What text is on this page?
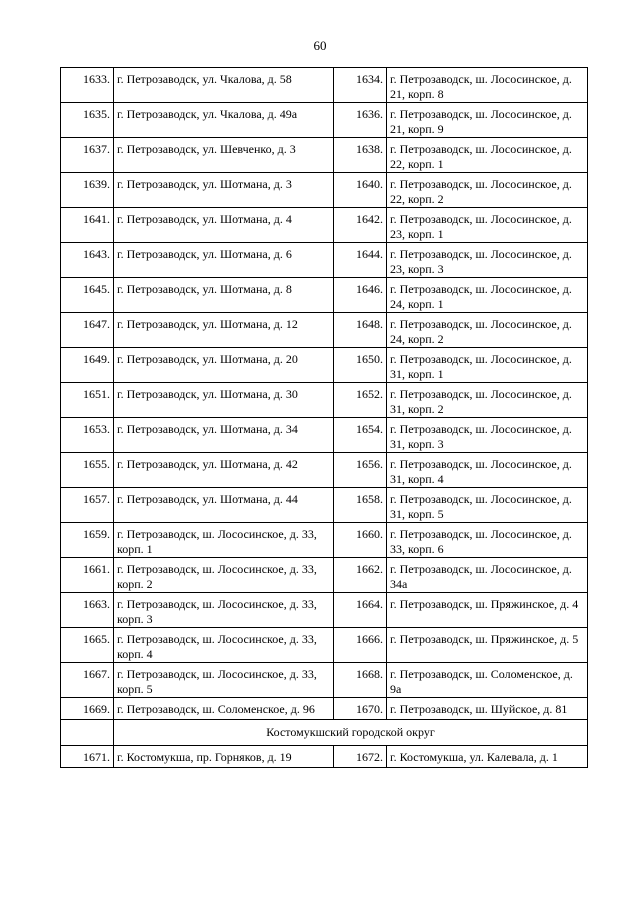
60
1633.	г. Петрозаводск, ул. Чкалова, д. 58	1634.	г. Петрозаводск, ш. Лососинское, д. 21, корп. 8
1635.	г. Петрозаводск, ул. Чкалова, д. 49а	1636.	г. Петрозаводск, ш. Лососинское, д. 21, корп. 9
1637.	г. Петрозаводск, ул. Шевченко, д. 3	1638.	г. Петрозаводск, ш. Лососинское, д. 22, корп. 1
1639.	г. Петрозаводск, ул. Шотмана, д. 3	1640.	г. Петрозаводск, ш. Лососинское, д. 22, корп. 2
1641.	г. Петрозаводск, ул. Шотмана, д. 4	1642.	г. Петрозаводск, ш. Лососинское, д. 23, корп. 1
1643.	г. Петрозаводск, ул. Шотмана, д. 6	1644.	г. Петрозаводск, ш. Лососинское, д. 23, корп. 3
1645.	г. Петрозаводск, ул. Шотмана, д. 8	1646.	г. Петрозаводск, ш. Лососинское, д. 24, корп. 1
1647.	г. Петрозаводск, ул. Шотмана, д. 12	1648.	г. Петрозаводск, ш. Лососинское, д. 24, корп. 2
1649.	г. Петрозаводск, ул. Шотмана, д. 20	1650.	г. Петрозаводск, ш. Лососинское, д. 31, корп. 1
1651.	г. Петрозаводск, ул. Шотмана, д. 30	1652.	г. Петрозаводск, ш. Лососинское, д. 31, корп. 2
1653.	г. Петрозаводск, ул. Шотмана, д. 34	1654.	г. Петрозаводск, ш. Лососинское, д. 31, корп. 3
1655.	г. Петрозаводск, ул. Шотмана, д. 42	1656.	г. Петрозаводск, ш. Лососинское, д. 31, корп. 4
1657.	г. Петрозаводск, ул. Шотмана, д. 44	1658.	г. Петрозаводск, ш. Лососинское, д. 31, корп. 5
1659.	г. Петрозаводск, ш. Лососинское, д. 33, корп. 1	1660.	г. Петрозаводск, ш. Лососинское, д. 33, корп. 6
1661.	г. Петрозаводск, ш. Лососинское, д. 33, корп. 2	1662.	г. Петрозаводск, ш. Лососинское, д. 34а
1663.	г. Петрозаводск, ш. Лососинское, д. 33, корп. 3	1664.	г. Петрозаводск, ш. Пряжинское, д. 4
1665.	г. Петрозаводск, ш. Лососинское, д. 33, корп. 4	1666.	г. Петрозаводск, ш. Пряжинское, д. 5
1667.	г. Петрозаводск, ш. Лососинское, д. 33, корп. 5	1668.	г. Петрозаводск, ш. Соломенское, д. 9а
1669.	г. Петрозаводск, ш. Соломенское, д. 96	1670.	г. Петрозаводск, ш. Шуйское, д. 81
	Костомукшский городской округ		
1671.	г. Костомукша, пр. Горняков, д. 19	1672.	г. Костомукша, ул. Калевала, д. 1
